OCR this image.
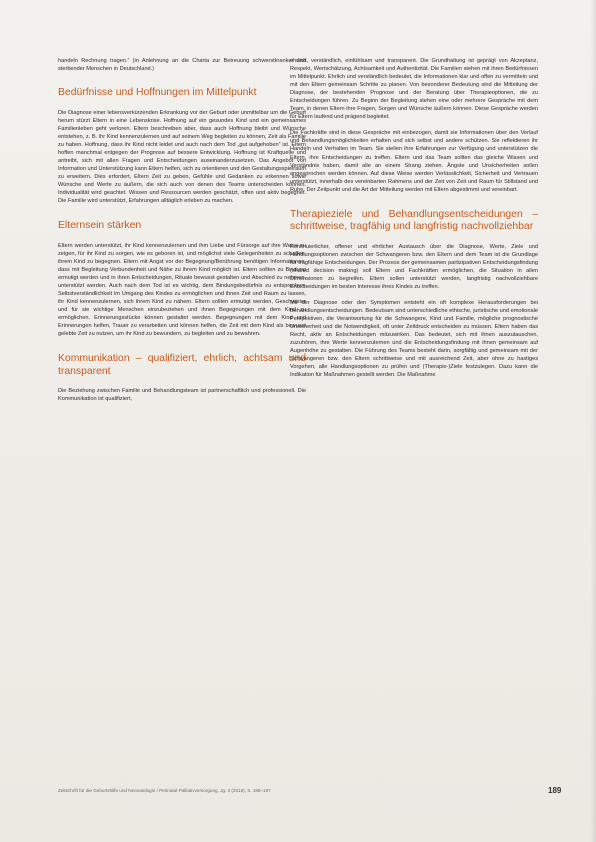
handeln Rechnung tragen.“ (in Anlehnung an die Charta zur Betreuung schwerstkranker und sterbender Menschen in Deutschland.)

Bedürfnisse und Hoffnungen im Mittelpunkt

Die Diagnose einer lebensverkürzenden Erkrankung vor der Geburt oder unmittelbar um die Geburt herum stürzt Eltern in eine Lebenskrise. Hoffnung auf ein gesundes Kind und ein gemeinsames Familienleben geht verloren. Eltern beschreiben aber, dass auch Hoffnung bleibt und Wünsche entstehen, z. B. ihr Kind kennenzulernen und auf seinem Weg begleiten zu können, Zeit als Familie zu haben. Hoffnung, dass ihr Kind nicht leidet und auch nach dem Tod „gut aufgehoben“ ist. Eltern hoffen manchmal entgegen der Prognose auf bessere Entwicklung. Hoffnung ist Kraftquelle und antreibt, sich mit allen Fragen und Entscheidungen auseinanderzusetzen. Das Angebot von Information und Unterstützung kann Eltern helfen, sich zu orientieren und den Gestaltungsspielraum zu erweitern. Dies erfordert, Eltern Zeit zu geben, Gefühle und Gedanken zu erkennen sowie Wünsche und Werte zu äußern, die sich auch von denen des Teams unterscheiden können. Individualität wird geachtet. Wissen und Ressourcen werden geschätzt, offen und aktiv begegnet. Die Familie wird unterstützt, Erfahrungen alltäglich erleben zu machen.

Elternsein stärken

Eltern werden unterstützt, ihr Kind kennenzulernen und ihm Liebe und Fürsorge auf ihre Weise zu zeigen, für ihr Kind zu sorgen, wie es geboren ist, und möglichst viele Gelegenheiten zu schaffen, ihrem Kind zu begegnen. Eltern mit Angst vor der Begegnung/Berührung benötigen Informationen, dass mit Begleitung Verbundenheit und Nähe zu ihrem Kind möglich ist. Eltern sollten zu Bindung ermutigt werden und in ihren Entscheidungen, Rituale bewusst gestalten und Abschied zu nehmen, unterstützt werden. Auch nach dem Tod ist es wichtig, dem Bindungsbedürfnis zu entsprechen, Selbstverständlichkeit im Umgang des Kindes zu ermöglichen und ihnen Zeit und Raum zu lassen, ihr Kind kennenzulernen, sich ihrem Kind zu nähern. Eltern sollten ermutigt werden, Geschwister und für sie wichtige Menschen einzubeziehen und ihnen Begegnungen mit dem Kind zu ermöglichen. Erinnerungsstücke können gestaltet werden. Begegnungen mit dem Kind und Erinnerungen helfen, Trauer zu verarbeiten und können helfen, die Zeit mit dem Kind als bewusst gelebte Zeit zu nutzen, um ihr Kind zu bewundern, zu begleiten und zu bewahren.

Kommunikation – qualifiziert, ehrlich, achtsam und transparent

Die Beziehung zwischen Familie und Behandlungsteam ist partnerschaftlich und professionell. Die Kommunikation ist qualifiziert,

ehrlich, verständlich, einfühlsam und transparent. Die Grundhaltung ist geprägt von Akzeptanz, Respekt, Wertschätzung, Achtsamkeit und Authentizität. Die Familien stehen mit ihren Bedürfnissen im Mittelpunkt. Ehrlich und verständlich bedeutet, die Informationen klar und offen zu vermitteln und mit den Eltern gemeinsam Schritte zu planen. Von besonderer Bedeutung sind die Mitteilung der Diagnose, der bestehenden Prognose und der Beratung über Therapieoptionen, die zu Entscheidungen führen. Zu Beginn der Begleitung stehen eine oder mehrere Gespräche mit dem Team, in denen Eltern ihre Fragen, Sorgen und Wünsche äußern können. Diese Gespräche werden für Eltern laufend und prägend begleitet.

Die Fachkräfte sind in diese Gespräche mit einbezogen, damit sie Informationen über den Verlauf und Behandlungsmöglichkeiten erhalten und sich selbst und andere schützen. Sie reflektieren ihr Handeln und Verhalten im Team. Sie stellen ihre Erfahrungen zur Verfügung und unterstützen die Eltern, ihre Entscheidungen zu treffen. Eltern und das Team sollten das gleiche Wissen und Verständnis haben, damit alle an einem Strang ziehen. Ängste und Unsicherheiten sollen angesprochen werden können. Auf diese Weise werden Verlässlichkeit, Sicherheit und Vertrauen unterstützt, innerhalb des vereinbarten Rahmens und der Zeit von Zeit und Raum für Stillstand und Ruhe. Der Zeitpunkt und die Art der Mitteilung werden mit Eltern abgestimmt und vereinbart.

Therapieziele und Behandlungsentscheidungen – schrittweise, tragfähig und langfristig nachvollziehbar

Kontinuierlicher, offener und ehrlicher Austausch über die Diagnose, Werte, Ziele und Handlungsoptionen zwischen der Schwangeren bzw. den Eltern und dem Team ist die Grundlage für tragfähige Entscheidungen. Der Prozess der gemeinsamen partizipativen Entscheidungsfindung (shared decision making) soll Eltern und Fachkräften ermöglichen, die Situation in allen Dimensionen zu begreifen. Eltern sollen unterstützt werden, langfristig nachvollziehbare Entscheidungen im besten Interesse ihres Kindes zu treffen.

Mit der Diagnose oder den Symptomen entsteht ein oft komplexe Herausforderungen bei Behandlungsentscheidungen. Bedeutsam sind unterschiedliche ethische, juristische und emotionale Perspektiven, die Verantwortung für die Schwangere, Kind und Familie, mögliche prognostische Unsicherheit und die Notwendigkeit, oft unter Zeitdruck entscheiden zu müssen. Eltern haben das Recht, aktiv an Entscheidungen mitzuwirken. Das bedeutet, sich mit ihnen auszutauschen, zuzuhören, ihre Werte kennenzulernen und die Entscheidungsfindung mit ihnen gemeinsam auf Augenhöhe zu gestalten. Die Führung des Teams besteht darin, sorgfältig und gemeinsam mit der Schwangeren bzw. den Eltern schrittweise und mit ausreichend Zeit, aber ohne zu hastiges Vorgehen, alle Handlungsoptionen zu prüfen und (Therapie-)Ziele festzulegen. Dazu kann die Indikation für Maßnahmen gestellt werden. Die Maßnahme

Zeitschrift für die Geburtshilfe und Neonatologie / Perinatal-Palliativversorgung, Jg. 3 (2018), S. 188–197	189
